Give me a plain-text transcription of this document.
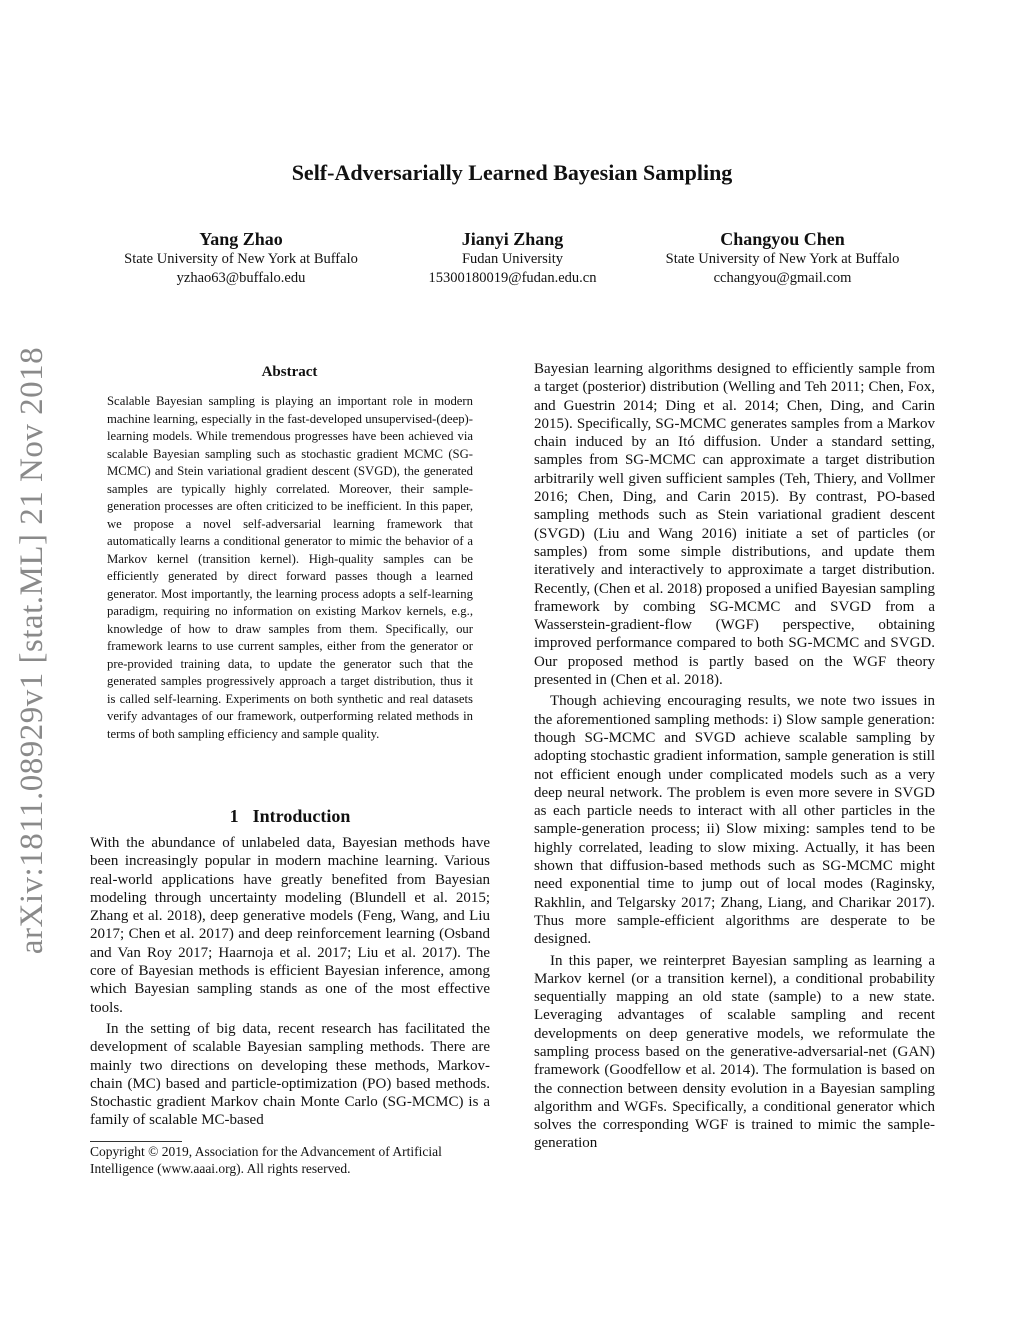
arXiv:1811.08929v1 [stat.ML] 21 Nov 2018
Self-Adversarially Learned Bayesian Sampling
Yang Zhao
State University of New York at Buffalo
yzhao63@buffalo.edu
Jianyi Zhang
Fudan University
15300180019@fudan.edu.cn
Changyou Chen
State University of New York at Buffalo
cchangyou@gmail.com
Abstract
Scalable Bayesian sampling is playing an important role in modern machine learning, especially in the fast-developed unsupervised-(deep)-learning models. While tremendous progresses have been achieved via scalable Bayesian sampling such as stochastic gradient MCMC (SG-MCMC) and Stein variational gradient descent (SVGD), the generated samples are typically highly correlated. Moreover, their sample-generation processes are often criticized to be inefficient. In this paper, we propose a novel self-adversarial learning framework that automatically learns a conditional generator to mimic the behavior of a Markov kernel (transition kernel). High-quality samples can be efficiently generated by direct forward passes though a learned generator. Most importantly, the learning process adopts a self-learning paradigm, requiring no information on existing Markov kernels, e.g., knowledge of how to draw samples from them. Specifically, our framework learns to use current samples, either from the generator or pre-provided training data, to update the generator such that the generated samples progressively approach a target distribution, thus it is called self-learning. Experiments on both synthetic and real datasets verify advantages of our framework, outperforming related methods in terms of both sampling efficiency and sample quality.
1 Introduction

With the abundance of unlabeled data, Bayesian methods have been increasingly popular in modern machine learning. Various real-world applications have greatly benefited from Bayesian modeling through uncertainty modeling (Blundell et al. 2015; Zhang et al. 2018), deep generative models (Feng, Wang, and Liu 2017; Chen et al. 2017) and deep reinforcement learning (Osband and Van Roy 2017; Haarnoja et al. 2017; Liu et al. 2017). The core of Bayesian methods is efficient Bayesian inference, among which Bayesian sampling stands as one of the most effective tools.

In the setting of big data, recent research has facilitated the development of scalable Bayesian sampling methods. There are mainly two directions on developing these methods, Markov-chain (MC) based and particle-optimization (PO) based methods. Stochastic gradient Markov chain Monte Carlo (SG-MCMC) is a family of scalable MC-based

Copyright © 2019, Association for the Advancement of Artificial Intelligence (www.aaai.org). All rights reserved.

Bayesian learning algorithms designed to efficiently sample from a target (posterior) distribution (Welling and Teh 2011; Chen, Fox, and Guestrin 2014; Ding et al. 2014; Chen, Ding, and Carin 2015). Specifically, SG-MCMC generates samples from a Markov chain induced by an Itó diffusion. Under a standard setting, samples from SG-MCMC can approximate a target distribution arbitrarily well given sufficient samples (Teh, Thiery, and Vollmer 2016; Chen, Ding, and Carin 2015). By contrast, PO-based sampling methods such as Stein variational gradient descent (SVGD) (Liu and Wang 2016) initiate a set of particles (or samples) from some simple distributions, and update them iteratively and interactively to approximate a target distribution. Recently, (Chen et al. 2018) proposed a unified Bayesian sampling framework by combing SG-MCMC and SVGD from a Wasserstein-gradient-flow (WGF) perspective, obtaining improved performance compared to both SG-MCMC and SVGD. Our proposed method is partly based on the WGF theory presented in (Chen et al. 2018).

Though achieving encouraging results, we note two issues in the aforementioned sampling methods: i) Slow sample generation: though SG-MCMC and SVGD achieve scalable sampling by adopting stochastic gradient information, sample generation is still not efficient enough under complicated models such as a very deep neural network. The problem is even more severe in SVGD as each particle needs to interact with all other particles in the sample-generation process; ii) Slow mixing: samples tend to be highly correlated, leading to slow mixing. Actually, it has been shown that diffusion-based methods such as SG-MCMC might need exponential time to jump out of local modes (Raginsky, Rakhlin, and Telgarsky 2017; Zhang, Liang, and Charikar 2017). Thus more sample-efficient algorithms are desperate to be designed.

In this paper, we reinterpret Bayesian sampling as learning a Markov kernel (or a transition kernel), a conditional probability sequentially mapping an old state (sample) to a new state. Leveraging advantages of scalable sampling and recent developments on deep generative models, we reformulate the sampling process based on the generative-adversarial-net (GAN) framework (Goodfellow et al. 2014). The formulation is based on the connection between density evolution in a Bayesian sampling algorithm and WGFs. Specifically, a conditional generator which solves the corresponding WGF is trained to mimic the sample-generation
